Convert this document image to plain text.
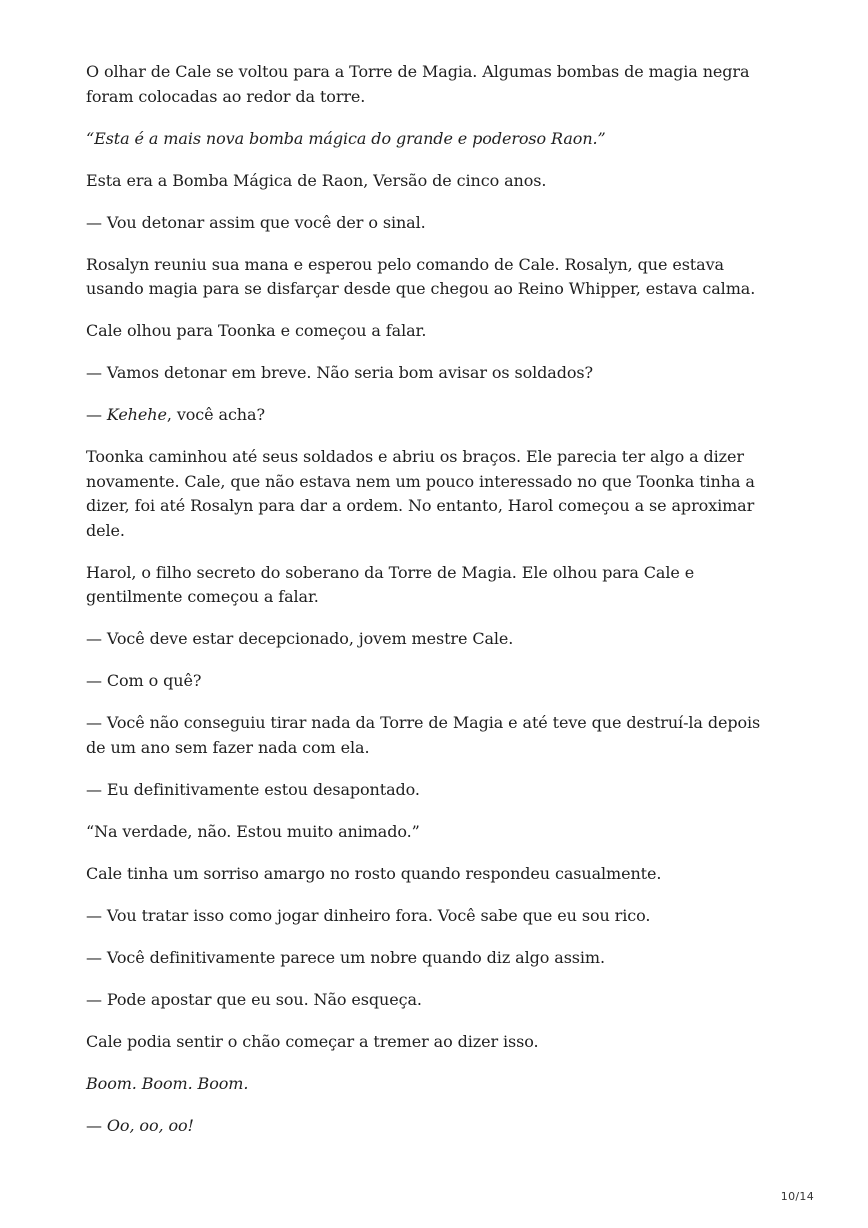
O olhar de Cale se voltou para a Torre de Magia. Algumas bombas de magia negra foram colocadas ao redor da torre.

“Esta é a mais nova bomba mágica do grande e poderoso Raon.”

Esta era a Bomba Mágica de Raon, Versão de cinco anos.

— Vou detonar assim que você der o sinal.

Rosalyn reuniu sua mana e esperou pelo comando de Cale. Rosalyn, que estava usando magia para se disfarçar desde que chegou ao Reino Whipper, estava calma.

Cale olhou para Toonka e começou a falar.

— Vamos detonar em breve. Não seria bom avisar os soldados?

— Kehehe, você acha?

Toonka caminhou até seus soldados e abriu os braços. Ele parecia ter algo a dizer novamente. Cale, que não estava nem um pouco interessado no que Toonka tinha a dizer, foi até Rosalyn para dar a ordem. No entanto, Harol começou a se aproximar dele.

Harol, o filho secreto do soberano da Torre de Magia. Ele olhou para Cale e gentilmente começou a falar.

— Você deve estar decepcionado, jovem mestre Cale.

— Com o quê?

— Você não conseguiu tirar nada da Torre de Magia e até teve que destruí-la depois de um ano sem fazer nada com ela.

— Eu definitivamente estou desapontado.

“Na verdade, não. Estou muito animado.”

Cale tinha um sorriso amargo no rosto quando respondeu casualmente.

— Vou tratar isso como jogar dinheiro fora. Você sabe que eu sou rico.

— Você definitivamente parece um nobre quando diz algo assim.

— Pode apostar que eu sou. Não esqueça.

Cale podia sentir o chão começar a tremer ao dizer isso.

Boom. Boom. Boom.

— Oo, oo, oo!

10/14
